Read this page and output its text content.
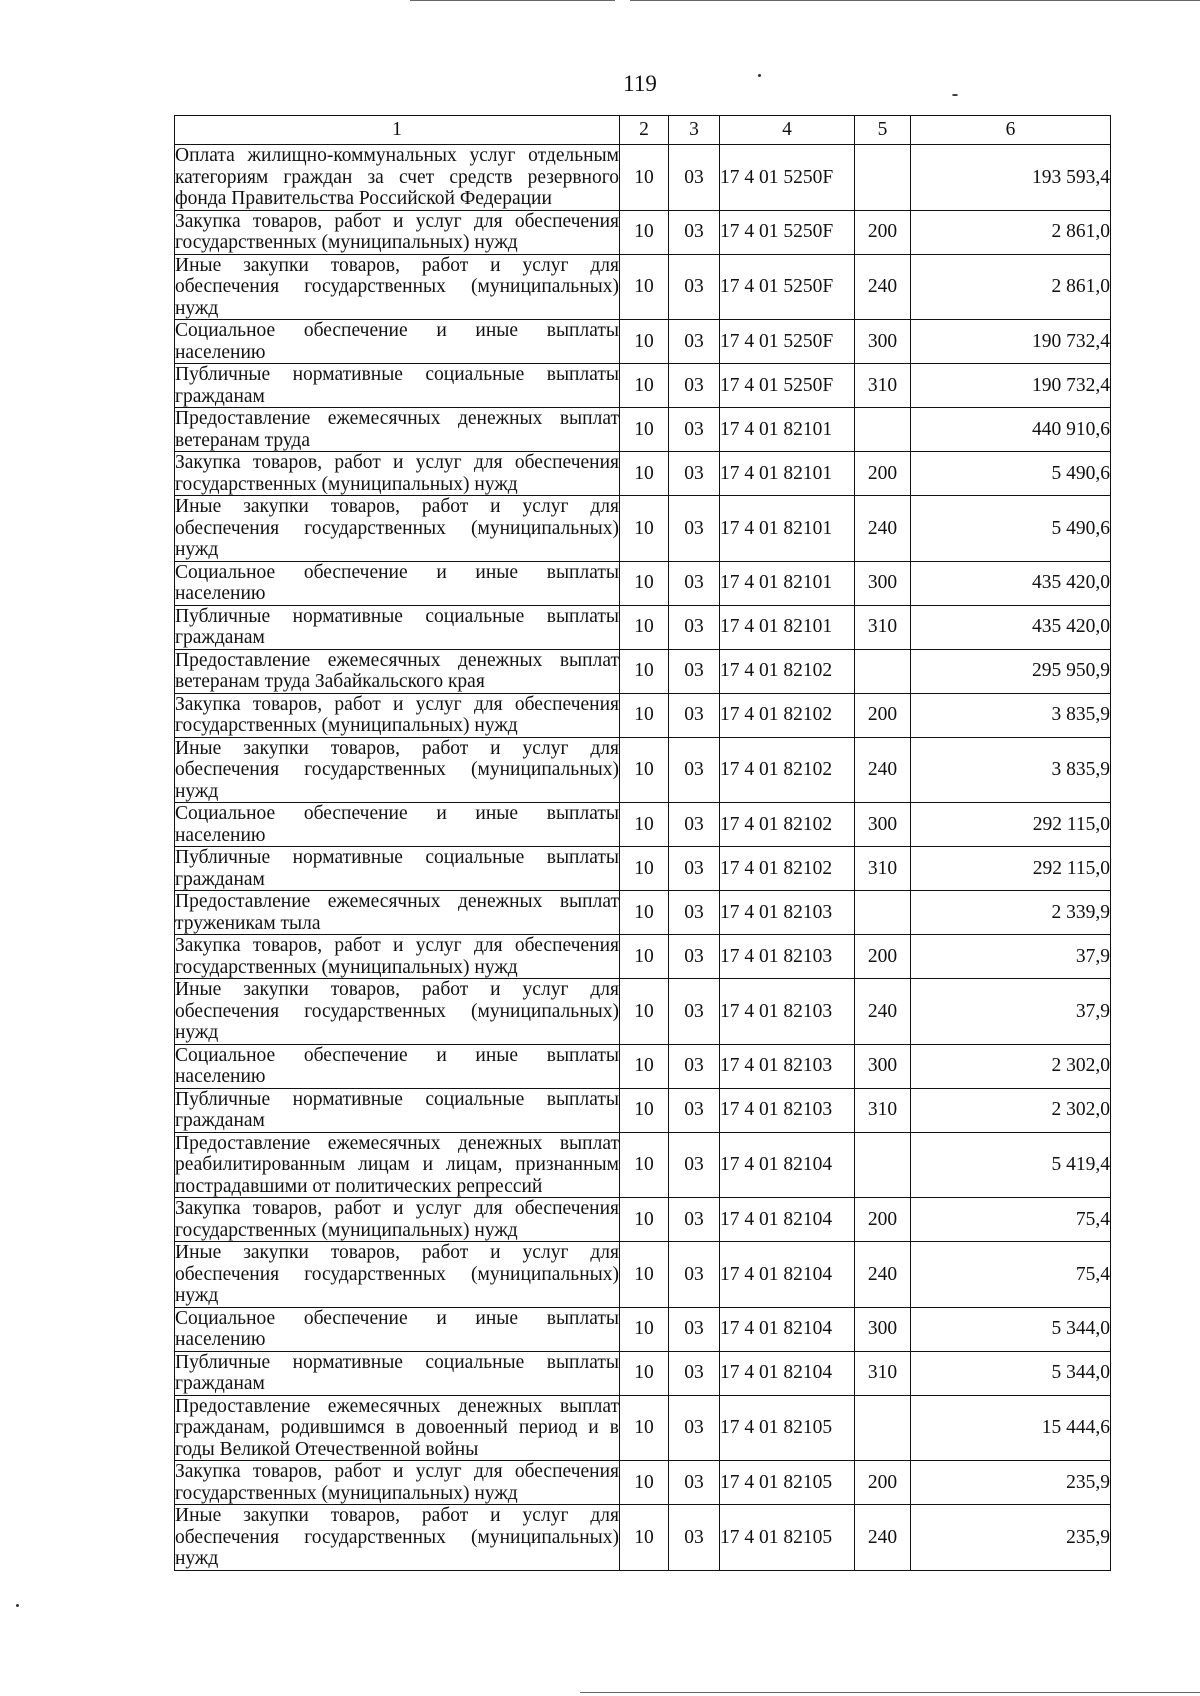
119
1	2	3	4	5	6
Оплата жилищно-коммунальных услуг отдельным категориям граждан за счет средств резервного фонда Правительства Российской Федерации	10	03	17 4 01 5250F		193 593,4
Закупка товаров, работ и услуг для обеспечения государственных (муниципальных) нужд	10	03	17 4 01 5250F	200	2 861,0
Иные закупки товаров, работ и услуг для обеспечения государственных (муниципальных) нужд	10	03	17 4 01 5250F	240	2 861,0
Социальное обеспечение и иные выплаты населению	10	03	17 4 01 5250F	300	190 732,4
Публичные нормативные социальные выплаты гражданам	10	03	17 4 01 5250F	310	190 732,4
Предоставление ежемесячных денежных выплат ветеранам труда	10	03	17 4 01 82101		440 910,6
Закупка товаров, работ и услуг для обеспечения государственных (муниципальных) нужд	10	03	17 4 01 82101	200	5 490,6
Иные закупки товаров, работ и услуг для обеспечения государственных (муниципальных) нужд	10	03	17 4 01 82101	240	5 490,6
Социальное обеспечение и иные выплаты населению	10	03	17 4 01 82101	300	435 420,0
Публичные нормативные социальные выплаты гражданам	10	03	17 4 01 82101	310	435 420,0
Предоставление ежемесячных денежных выплат ветеранам труда Забайкальского края	10	03	17 4 01 82102		295 950,9
Закупка товаров, работ и услуг для обеспечения государственных (муниципальных) нужд	10	03	17 4 01 82102	200	3 835,9
Иные закупки товаров, работ и услуг для обеспечения государственных (муниципальных) нужд	10	03	17 4 01 82102	240	3 835,9
Социальное обеспечение и иные выплаты населению	10	03	17 4 01 82102	300	292 115,0
Публичные нормативные социальные выплаты гражданам	10	03	17 4 01 82102	310	292 115,0
Предоставление ежемесячных денежных выплат труженикам тыла	10	03	17 4 01 82103		2 339,9
Закупка товаров, работ и услуг для обеспечения государственных (муниципальных) нужд	10	03	17 4 01 82103	200	37,9
Иные закупки товаров, работ и услуг для обеспечения государственных (муниципальных) нужд	10	03	17 4 01 82103	240	37,9
Социальное обеспечение и иные выплаты населению	10	03	17 4 01 82103	300	2 302,0
Публичные нормативные социальные выплаты гражданам	10	03	17 4 01 82103	310	2 302,0
Предоставление ежемесячных денежных выплат реабилитированным лицам и лицам, признанным пострадавшими от политических репрессий	10	03	17 4 01 82104		5 419,4
Закупка товаров, работ и услуг для обеспечения государственных (муниципальных) нужд	10	03	17 4 01 82104	200	75,4
Иные закупки товаров, работ и услуг для обеспечения государственных (муниципальных) нужд	10	03	17 4 01 82104	240	75,4
Социальное обеспечение и иные выплаты населению	10	03	17 4 01 82104	300	5 344,0
Публичные нормативные социальные выплаты гражданам	10	03	17 4 01 82104	310	5 344,0
Предоставление ежемесячных денежных выплат гражданам, родившимся в довоенный период и в годы Великой Отечественной войны	10	03	17 4 01 82105		15 444,6
Закупка товаров, работ и услуг для обеспечения государственных (муниципальных) нужд	10	03	17 4 01 82105	200	235,9
Иные закупки товаров, работ и услуг для обеспечения государственных (муниципальных) нужд	10	03	17 4 01 82105	240	235,9
